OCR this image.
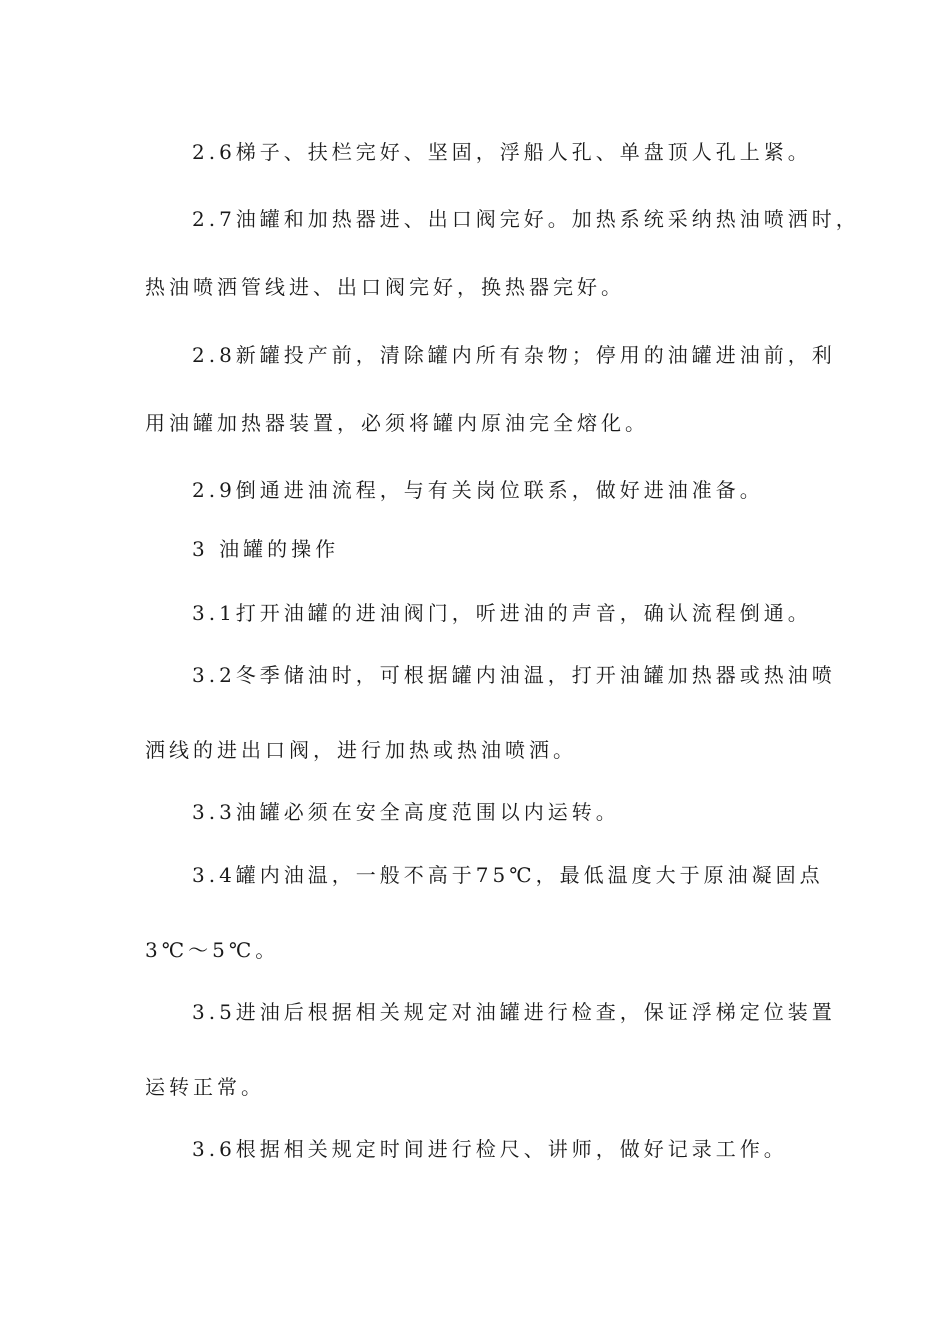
2.6梯子、扶栏完好、坚固，浮船人孔、单盘顶人孔上紧。
2.7油罐和加热器进、出口阀完好。加热系统采纳热油喷洒时，
热油喷洒管线进、出口阀完好，换热器完好。
2.8新罐投产前，清除罐内所有杂物；停用的油罐进油前，利
用油罐加热器装置，必须将罐内原油完全熔化。
2.9倒通进油流程，与有关岗位联系，做好进油准备。
3 油罐的操作
3.1打开油罐的进油阀门，听进油的声音，确认流程倒通。
3.2冬季储油时，可根据罐内油温，打开油罐加热器或热油喷
洒线的进出口阀，进行加热或热油喷洒。
3.3油罐必须在安全高度范围以内运转。
3.4罐内油温，一般不高于75℃，最低温度大于原油凝固点
3℃～5℃。
3.5进油后根据相关规定对油罐进行检查，保证浮梯定位装置
运转正常。
3.6根据相关规定时间进行检尺、讲师，做好记录工作。
